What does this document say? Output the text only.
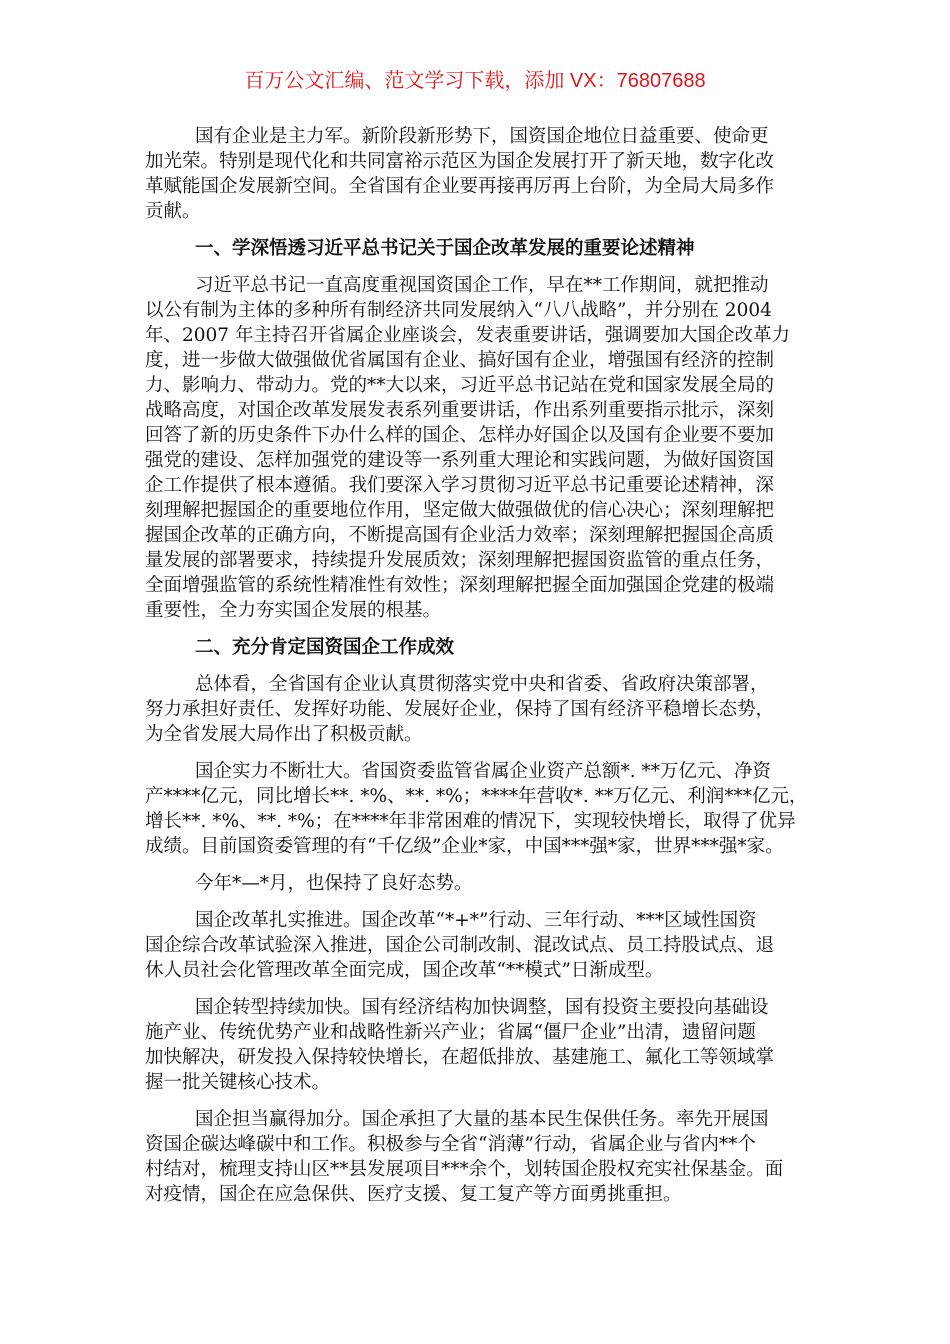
百万公文汇编、范文学习下载，添加 VX：76807688
国有企业是主力军。新阶段新形势下，国资国企地位日益重要、使命更
加光荣。特别是现代化和共同富裕示范区为国企发展打开了新天地，数字化改
革赋能国企发展新空间。全省国有企业要再接再厉再上台阶，为全局大局多作
贡献。
一、学深悟透习近平总书记关于国企改革发展的重要论述精神
习近平总书记一直高度重视国资国企工作，早在**工作期间，就把推动
以公有制为主体的多种所有制经济共同发展纳入“八八战略”，并分别在 2004
年、2007 年主持召开省属企业座谈会，发表重要讲话，强调要加大国企改革力
度，进一步做大做强做优省属国有企业、搞好国有企业，增强国有经济的控制
力、影响力、带动力。党的**大以来，习近平总书记站在党和国家发展全局的
战略高度，对国企改革发展发表系列重要讲话，作出系列重要指示批示，深刻
回答了新的历史条件下办什么样的国企、怎样办好国企以及国有企业要不要加
强党的建设、怎样加强党的建设等一系列重大理论和实践问题，为做好国资国
企工作提供了根本遵循。我们要深入学习贯彻习近平总书记重要论述精神，深
刻理解把握国企的重要地位作用，坚定做大做强做优的信心决心；深刻理解把
握国企改革的正确方向，不断提高国有企业活力效率；深刻理解把握国企高质
量发展的部署要求，持续提升发展质效；深刻理解把握国资监管的重点任务，
全面增强监管的系统性精准性有效性；深刻理解把握全面加强国企党建的极端
重要性，全力夯实国企发展的根基。
二、充分肯定国资国企工作成效
总体看，全省国有企业认真贯彻落实党中央和省委、省政府决策部署，
努力承担好责任、发挥好功能、发展好企业，保持了国有经济平稳增长态势，
为全省发展大局作出了积极贡献。
国企实力不断壮大。省国资委监管省属企业资产总额*. **万亿元、净资
产****亿元，同比增长**. *%、**. *%；****年营收*. **万亿元、利润***亿元，
增长**. *%、**. *%；在****年非常困难的情况下，实现较快增长，取得了优异
成绩。目前国资委管理的有“千亿级”企业*家，中国***强*家，世界***强*家。
今年*—*月，也保持了良好态势。
国企改革扎实推进。国企改革“*+*”行动、三年行动、***区域性国资
国企综合改革试验深入推进，国企公司制改制、混改试点、员工持股试点、退
休人员社会化管理改革全面完成，国企改革“**模式”日渐成型。
国企转型持续加快。国有经济结构加快调整，国有投资主要投向基础设
施产业、传统优势产业和战略性新兴产业；省属“僵尸企业”出清，遗留问题
加快解决，研发投入保持较快增长，在超低排放、基建施工、氟化工等领域掌
握一批关键核心技术。
国企担当赢得加分。国企承担了大量的基本民生保供任务。率先开展国
资国企碳达峰碳中和工作。积极参与全省“消薄”行动，省属企业与省内**个
村结对，梳理支持山区**县发展项目***余个，划转国企股权充实社保基金。面
对疫情，国企在应急保供、医疗支援、复工复产等方面勇挑重担。
